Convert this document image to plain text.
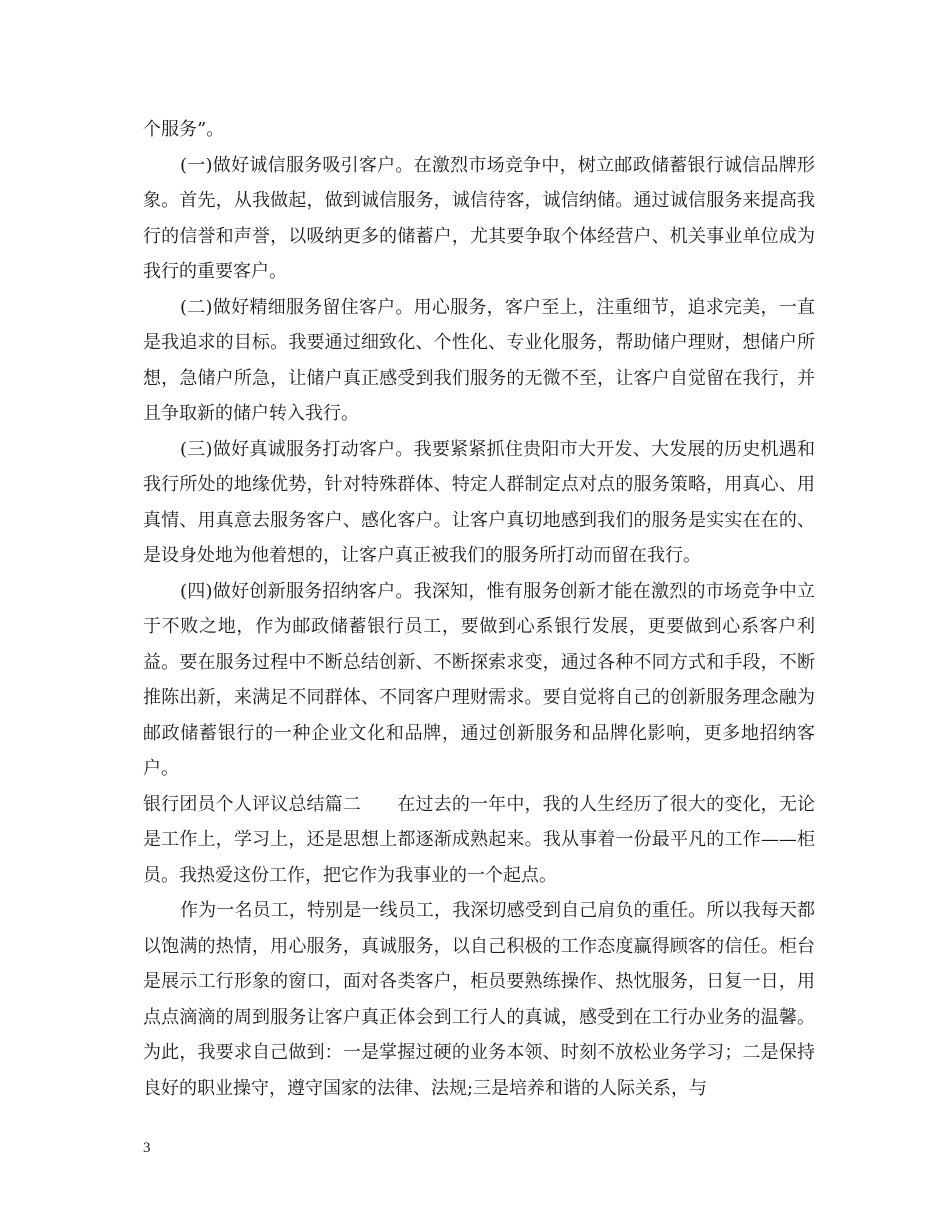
个服务”。

(一)做好诚信服务吸引客户。在激烈市场竞争中，树立邮政储蓄银行诚信品牌形象。首先，从我做起，做到诚信服务，诚信待客，诚信纳储。通过诚信服务来提高我行的信誉和声誉，以吸纳更多的储蓄户，尤其要争取个体经营户、机关事业单位成为我行的重要客户。

(二)做好精细服务留住客户。用心服务，客户至上，注重细节，追求完美，一直是我追求的目标。我要通过细致化、个性化、专业化服务，帮助储户理财，想储户所想，急储户所急，让储户真正感受到我们服务的无微不至，让客户自觉留在我行，并且争取新的储户转入我行。

(三)做好真诚服务打动客户。我要紧紧抓住贵阳市大开发、大发展的历史机遇和我行所处的地缘优势，针对特殊群体、特定人群制定点对点的服务策略，用真心、用真情、用真意去服务客户、感化客户。让客户真切地感到我们的服务是实实在在的、是设身处地为他着想的，让客户真正被我们的服务所打动而留在我行。

(四)做好创新服务招纳客户。我深知，惟有服务创新才能在激烈的市场竞争中立于不败之地，作为邮政储蓄银行员工，要做到心系银行发展，更要做到心系客户利益。要在服务过程中不断总结创新、不断探索求变，通过各种不同方式和手段，不断推陈出新，来满足不同群体、不同客户理财需求。要自觉将自己的创新服务理念融为邮政储蓄银行的一种企业文化和品牌，通过创新服务和品牌化影响，更多地招纳客户。

银行团员个人评议总结篇二　　在过去的一年中，我的人生经历了很大的变化，无论是工作上，学习上，还是思想上都逐渐成熟起来。我从事着一份最平凡的工作——柜员。我热爱这份工作，把它作为我事业的一个起点。

作为一名员工，特别是一线员工，我深切感受到自己肩负的重任。所以我每天都以饱满的热情，用心服务，真诚服务，以自己积极的工作态度赢得顾客的信任。柜台是展示工行形象的窗口，面对各类客户，柜员要熟练操作、热忱服务，日复一日，用点点滴滴的周到服务让客户真正体会到工行人的真诚，感受到在工行办业务的温馨。为此，我要求自己做到：一是掌握过硬的业务本领、时刻不放松业务学习；二是保持良好的职业操守，遵守国家的法律、法规;三是培养和谐的人际关系，与

3
